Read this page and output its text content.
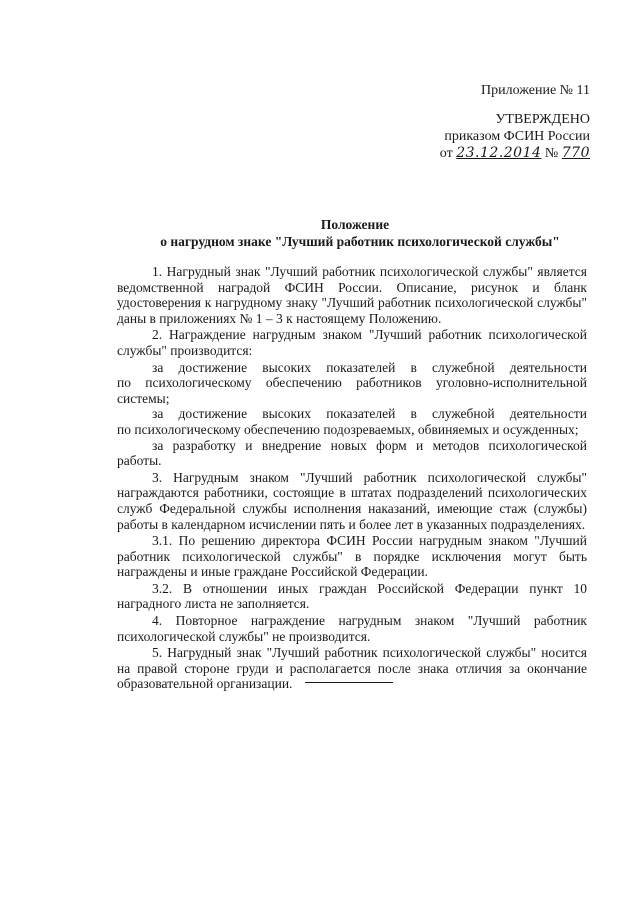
Приложение № 11
УТВЕРЖДЕНО
приказом ФСИН России
от 23.12.2014 № 770
Положение
о нагрудном знаке "Лучший работник психологической службы"

1. Нагрудный знак "Лучший работник психологической службы" является ведомственной наградой ФСИН России. Описание, рисунок и бланк удостоверения к нагрудному знаку "Лучший работник психологической службы" даны в приложениях № 1 – 3 к настоящему Положению.

2. Награждение нагрудным знаком "Лучший работник психологической службы" производится:

за достижение высоких показателей в служебной деятельности
по психологическому обеспечению работников уголовно-исполнительной системы;

за достижение высоких показателей в служебной деятельности
по психологическому обеспечению подозреваемых, обвиняемых и осужденных;

за разработку и внедрение новых форм и методов психологической работы.

3. Нагрудным знаком "Лучший работник психологической службы" награждаются работники, состоящие в штатах подразделений психологических служб Федеральной службы исполнения наказаний, имеющие стаж (службы) работы в календарном исчислении пять и более лет в указанных подразделениях.

3.1. По решению директора ФСИН России нагрудным знаком "Лучший работник психологической службы" в порядке исключения могут быть награждены и иные граждане Российской Федерации.

3.2. В отношении иных граждан Российской Федерации пункт 10 наградного листа не заполняется.

4. Повторное награждение нагрудным знаком "Лучший работник психологической службы" не производится.

5. Нагрудный знак "Лучший работник психологической службы" носится на правой стороне груди и располагается после знака отличия за окончание образовательной организации.
